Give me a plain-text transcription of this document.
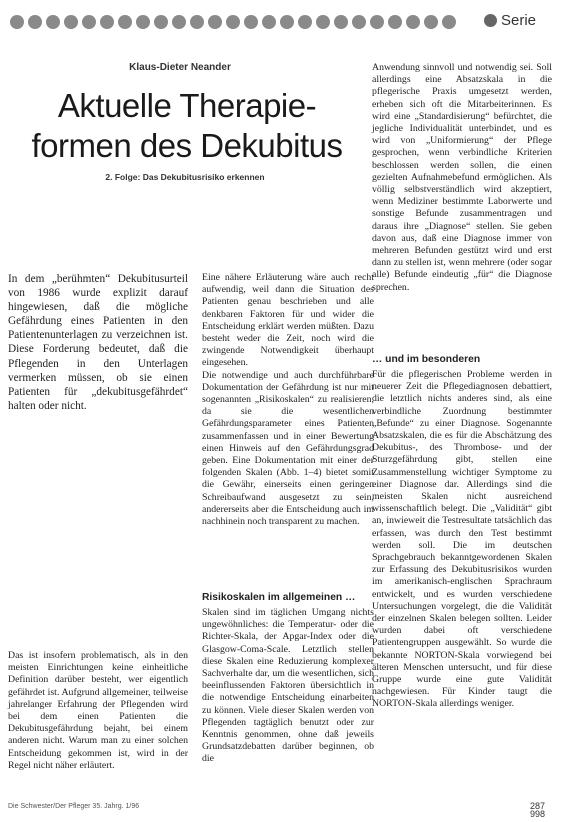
Serie
Klaus-Dieter Neander
Aktuelle Therapie-
formen des Dekubitus
2. Folge: Das Dekubitusrisiko erkennen

In dem „berühmten“ Dekubitusurteil von 1986 wurde explizit darauf hingewiesen, daß die mögliche Gefährdung eines Patienten in den Patientenunterlagen zu verzeichnen ist. Diese Forderung bedeutet, daß die Pflegenden in den Unterlagen vermerken müssen, ob sie einen Patienten für „dekubitusgefährdet“ halten oder nicht.

Das ist insofern problematisch, als in den meisten Einrichtungen keine einheitliche Definition darüber besteht, wer eigentlich gefährdet ist. Aufgrund allgemeiner, teilweise jahrelanger Erfahrung der Pflegenden wird bei dem einen Patienten die Dekubitusgefährdung bejaht, bei einem anderen nicht. Warum man zu einer solchen Entscheidung gekommen ist, wird in der Regel nicht näher erläutert.

Eine nähere Erläuterung wäre auch recht aufwendig, weil dann die Situation des Patienten genau beschrieben und alle denkbaren Faktoren für und wider die Entscheidung erklärt werden müßten. Dazu besteht weder die Zeit, noch wird die zwingende Notwendigkeit überhaupt eingesehen.

Die notwendige und auch durchführbare Dokumentation der Gefährdung ist nur mit sogenannten „Risikoskalen“ zu realisieren, da sie die wesentlichen Gefährdungsparameter eines Patienten zusammenfassen und in einer Bewertung einen Hinweis auf den Gefährdungsgrad geben. Eine Dokumentation mit einer der folgenden Skalen (Abb. 1–4) bietet somit die Gewähr, einerseits einen geringen Schreibaufwand ausgesetzt zu sein, andererseits aber die Entscheidung auch im nachhinein noch transparent zu machen.

Risikoskalen im allgemeinen …

Skalen sind im täglichen Umgang nichts ungewöhnliches: die Temperatur- oder die Richter-Skala, der Apgar-Index oder die Glasgow-Coma-Scale. Letztlich stellen diese Skalen eine Reduzierung komplexer Sachverhalte dar, um die wesentlichen, sich beeinflussenden Faktoren übersichtlich in die notwendige Entscheidung einarbeiten zu können. Viele dieser Skalen werden von Pflegenden tagtäglich benutzt oder zur Kenntnis genommen, ohne daß jeweils Grundsatzdebatten darüber beginnen, ob die

Anwendung sinnvoll und notwendig sei. Soll allerdings eine Absatzskala in die pflegerische Praxis umgesetzt werden, erheben sich oft die Mitarbeiterinnen. Es wird eine „Standardisierung“ befürchtet, die jegliche Individualität unterbindet, und es wird von „Uniformierung“ der Pflege gesprochen, wenn verbindliche Kriterien beschlossen werden sollen, die einen gezielten Aufnahmebefund ermöglichen. Als völlig selbstverständlich wird akzeptiert, wenn Mediziner bestimmte Laborwerte und sonstige Befunde zusammentragen und daraus ihre „Diagnose“ stellen. Sie geben davon aus, daß eine Diagnose immer von mehreren Befunden gestützt wird und erst dann zu stellen ist, wenn mehrere (oder sogar alle) Befunde eindeutig „für“ die Diagnose sprechen.

… und im besonderen

Für die pflegerischen Probleme werden in neuerer Zeit die Pflegediagnosen debattiert, die letztlich nichts anderes sind, als eine verbindliche Zuordnung bestimmter „Befunde“ zu einer Diagnose. Sogenannte Absatzskalen, die es für die Abschätzung des Dekubitus-, des Thrombose- und der Sturzgefährdung gibt, stellen eine Zusammenstellung wichtiger Symptome zu einer Diagnose dar. Allerdings sind die meisten Skalen nicht ausreichend wissenschaftlich belegt. Die „Validität“ gibt an, inwieweit die Testresultate tatsächlich das erfassen, was durch den Test bestimmt werden soll. Die im deutschen Sprachgebrauch bekanntgewordenen Skalen zur Erfassung des Dekubitusrisikos wurden im amerikanisch-englischen Sprachraum entwickelt, und es wurden verschiedene Untersuchungen vorgelegt, die die Validität der einzelnen Skalen belegen sollten. Leider wurden dabei oft verschiedene Patientengruppen ausgewählt. So wurde die bekannte NORTON-Skala vorwiegend bei älteren Menschen untersucht, und für diese Gruppe wurde eine gute Validität nachgewiesen. Für Kinder taugt die NORTON-Skala allerdings weniger.

Die Schwester/Der Pfleger 35. Jahrg. 1/96	287
998
